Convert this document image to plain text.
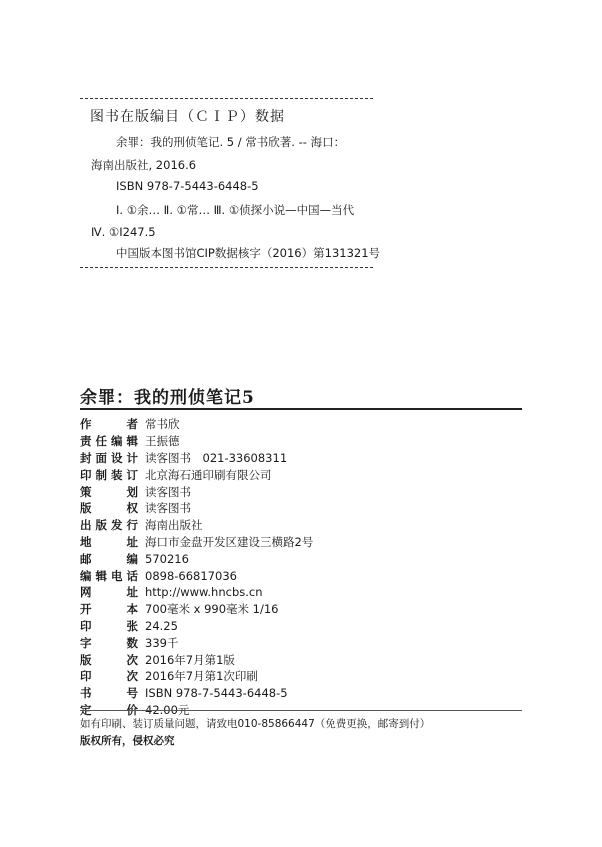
图书在版编目（ＣＩＰ）数据
余罪：我的刑侦笔记. 5 / 常书欣著. -- 海口：
海南出版社, 2016.6
ISBN 978-7-5443-6448-5
Ⅰ. ①余… Ⅱ. ①常… Ⅲ. ①侦探小说—中国—当代
Ⅳ. ①I247.5
中国版本图书馆CIP数据核字（2016）第131321号
余罪：我的刑侦笔记5
作　　者 常书欣
责任编辑 王振德
封面设计 读客图书　021-33608311
印制装订 北京海石通印刷有限公司
策　　划 读客图书
版　　权 读客图书
出版发行 海南出版社
地　　址 海口市金盘开发区建设三横路2号
邮　　编 570216
编辑电话 0898-66817036
网　　址 http://www.hncbs.cn
开　　本 700毫米 x 990毫米 1/16
印　　张 24.25
字　　数 339千
版　　次 2016年7月第1版
印　　次 2016年7月第1次印刷
书　　号 ISBN 978-7-5443-6448-5
定　　价 42.00元
如有印刷、装订质量问题，请致电010-85866447（免费更换，邮寄到付）
版权所有，侵权必究
